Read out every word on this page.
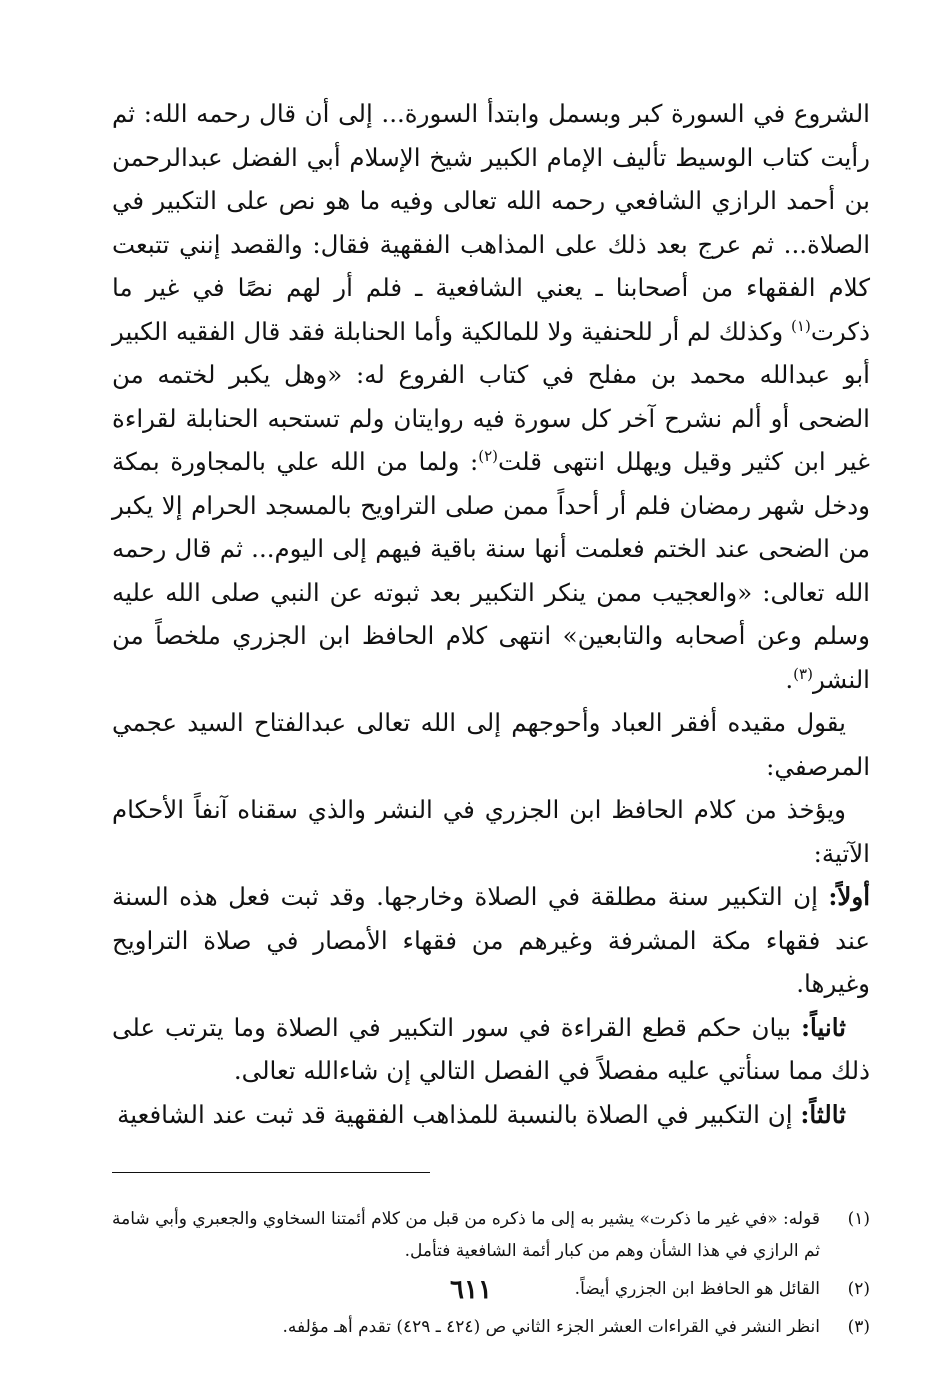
الشروع في السورة كبر وبسمل وابتدأ السورة... إلى أن قال رحمه الله: ثم رأيت كتاب الوسيط تأليف الإمام الكبير شيخ الإسلام أبي الفضل عبدالرحمن بن أحمد الرازي الشافعي رحمه الله تعالى وفيه ما هو نص على التكبير في الصلاة... ثم عرج بعد ذلك على المذاهب الفقهية فقال: والقصد إنني تتبعت كلام الفقهاء من أصحابنا ـ يعني الشافعية ـ فلم أر لهم نصًا في غير ما ذكرت$^{(١)}$ وكذلك لم أر للحنفية ولا للمالكية وأما الحنابلة فقد قال الفقيه الكبير أبو عبدالله محمد بن مفلح في كتاب الفروع له: «وهل يكبر لختمه من الضحى أو ألم نشرح آخر كل سورة فيه روايتان ولم تستحبه الحنابلة لقراءة غير ابن كثير وقيل ويهلل انتهى قلت$^{(٢)}$: ولما من الله علي بالمجاورة بمكة ودخل شهر رمضان فلم أر أحداً ممن صلى التراويح بالمسجد الحرام إلا يكبر من الضحى عند الختم فعلمت أنها سنة باقية فيهم إلى اليوم... ثم قال رحمه الله تعالى: «والعجيب ممن ينكر التكبير بعد ثبوته عن النبي صلى الله عليه وسلم وعن أصحابه والتابعين» انتهى كلام الحافظ ابن الجزري ملخصاً من النشر$^{(٣)}$.

يقول مقيده أفقر العباد وأحوجهم إلى الله تعالى عبدالفتاح السيد عجمي المرصفي:

ويؤخذ من كلام الحافظ ابن الجزري في النشر والذي سقناه آنفاً الأحكام الآتية:

أولاً: إن التكبير سنة مطلقة في الصلاة وخارجها. وقد ثبت فعل هذه السنة عند فقهاء مكة المشرفة وغيرهم من فقهاء الأمصار في صلاة التراويح وغيرها.

ثانياً: بيان حكم قطع القراءة في سور التكبير في الصلاة وما يترتب على ذلك مما سنأتي عليه مفصلاً في الفصل التالي إن شاءالله تعالى.

ثالثاً: إن التكبير في الصلاة بالنسبة للمذاهب الفقهية قد ثبت عند الشافعية

(١)
قوله: «في غير ما ذكرت» يشير به إلى ما ذكره من قبل من كلام أئمتنا السخاوي والجعبري وأبي شامة ثم الرازي في هذا الشأن وهم من كبار أئمة الشافعية فتأمل.
(٢)
القائل هو الحافظ ابن الجزري أيضاً.
(٣)
انظر النشر في القراءات العشر الجزء الثاني ص (٤٢٤ ـ ٤٢٩) تقدم أهـ مؤلفه.
٦١١
